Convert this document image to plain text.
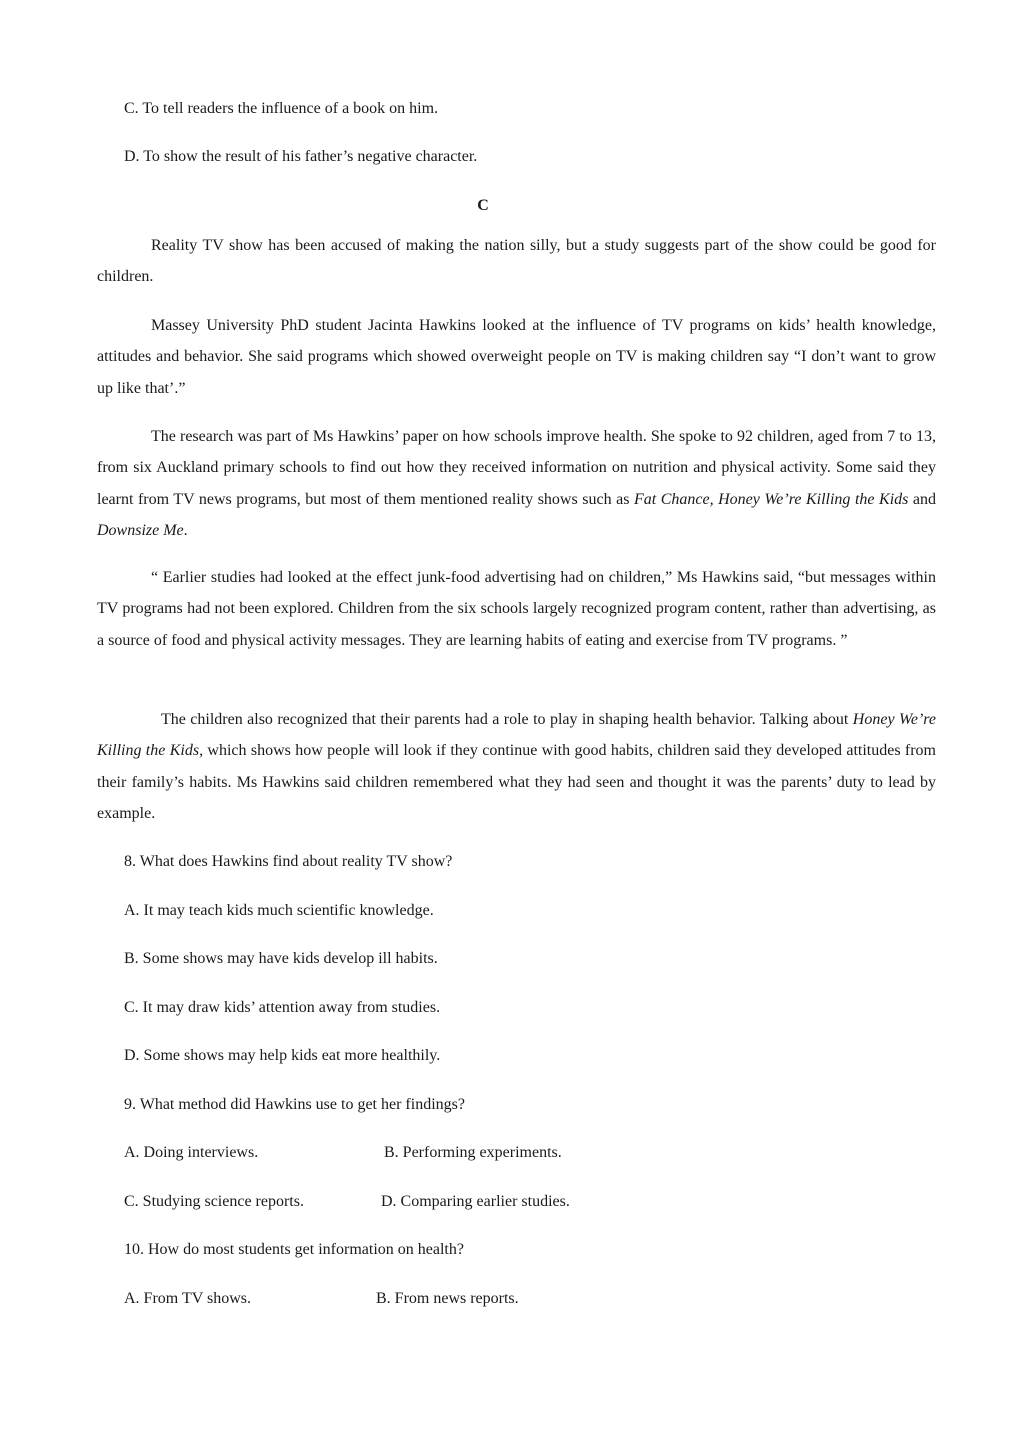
C. To tell readers the influence of a book on him.
D. To show the result of his father’s negative character.
C

Reality TV show has been accused of making the nation silly, but a study suggests part of the show could be good for children.

Massey University PhD student Jacinta Hawkins looked at the influence of TV programs on kids’ health knowledge, attitudes and behavior. She said programs which showed overweight people on TV is making children say “I don’t want to grow up like that’.”

The research was part of Ms Hawkins’ paper on how schools improve health. She spoke to 92 children, aged from 7 to 13, from six Auckland primary schools to find out how they received information on nutrition and physical activity. Some said they learnt from TV news programs, but most of them mentioned reality shows such as Fat Chance, Honey We’re Killing the Kids and Downsize Me.

“ Earlier studies had looked at the effect junk-food advertising had on children,” Ms Hawkins said, “but messages within TV programs had not been explored. Children from the six schools largely recognized program content, rather than advertising, as a source of food and physical activity messages. They are learning habits of eating and exercise from TV programs. ”

The children also recognized that their parents had a role to play in shaping health behavior. Talking about Honey We’re Killing the Kids, which shows how people will look if they continue with good habits, children said they developed attitudes from their family’s habits. Ms Hawkins said children remembered what they had seen and thought it was the parents’ duty to lead by example.

8. What does Hawkins find about reality TV show?
A. It may teach kids much scientific knowledge.
B. Some shows may have kids develop ill habits.
C. It may draw kids’ attention away from studies.
D. Some shows may help kids eat more healthily.
9. What method did Hawkins use to get her findings?
A. Doing interviews.	B. Performing experiments.
C. Studying science reports.	D. Comparing earlier studies.
10. How do most students get information on health?
A. From TV shows.	B. From news reports.
